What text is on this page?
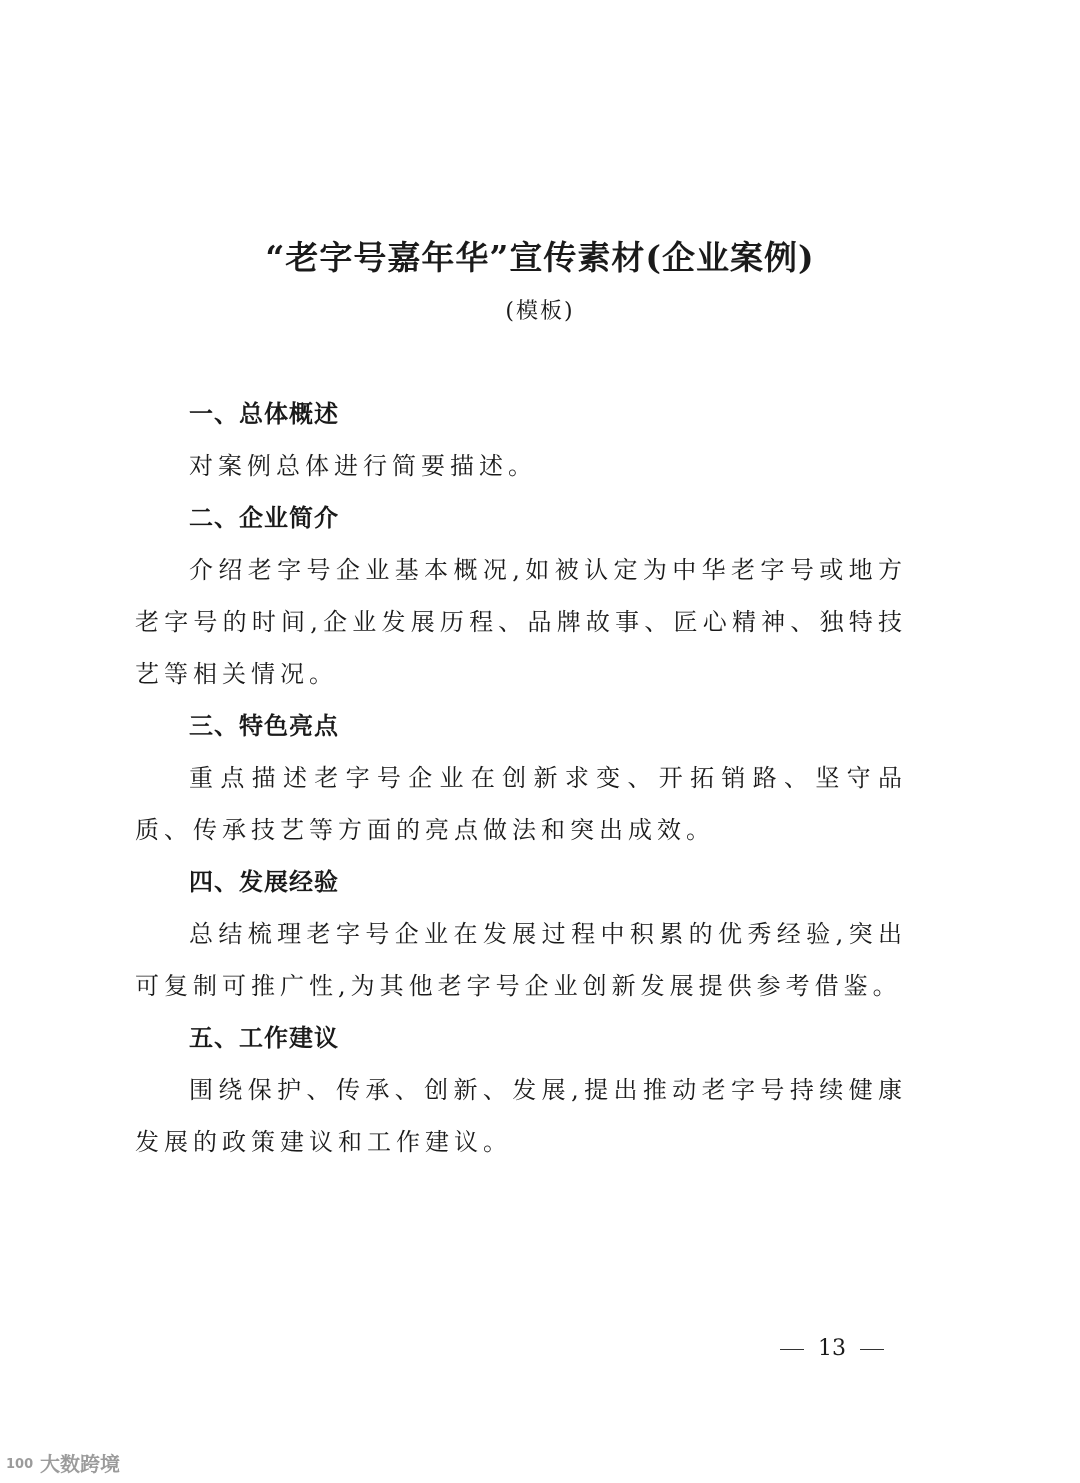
“老字号嘉年华”宣传素材(企业案例)
(模板)

一、总体概述

对案例总体进行简要描述。

二、企业简介

介绍老字号企业基本概况,如被认定为中华老字号或地方老字号的时间,企业发展历程、品牌故事、匠心精神、独特技艺等相关情况。

三、特色亮点

重点描述老字号企业在创新求变、开拓销路、坚守品质、传承技艺等方面的亮点做法和突出成效。

四、发展经验

总结梳理老字号企业在发展过程中积累的优秀经验,突出可复制可推广性,为其他老字号企业创新发展提供参考借鉴。

五、工作建议

围绕保护、传承、创新、发展,提出推动老字号持续健康发展的政策建议和工作建议。

13
100 大数跨境
